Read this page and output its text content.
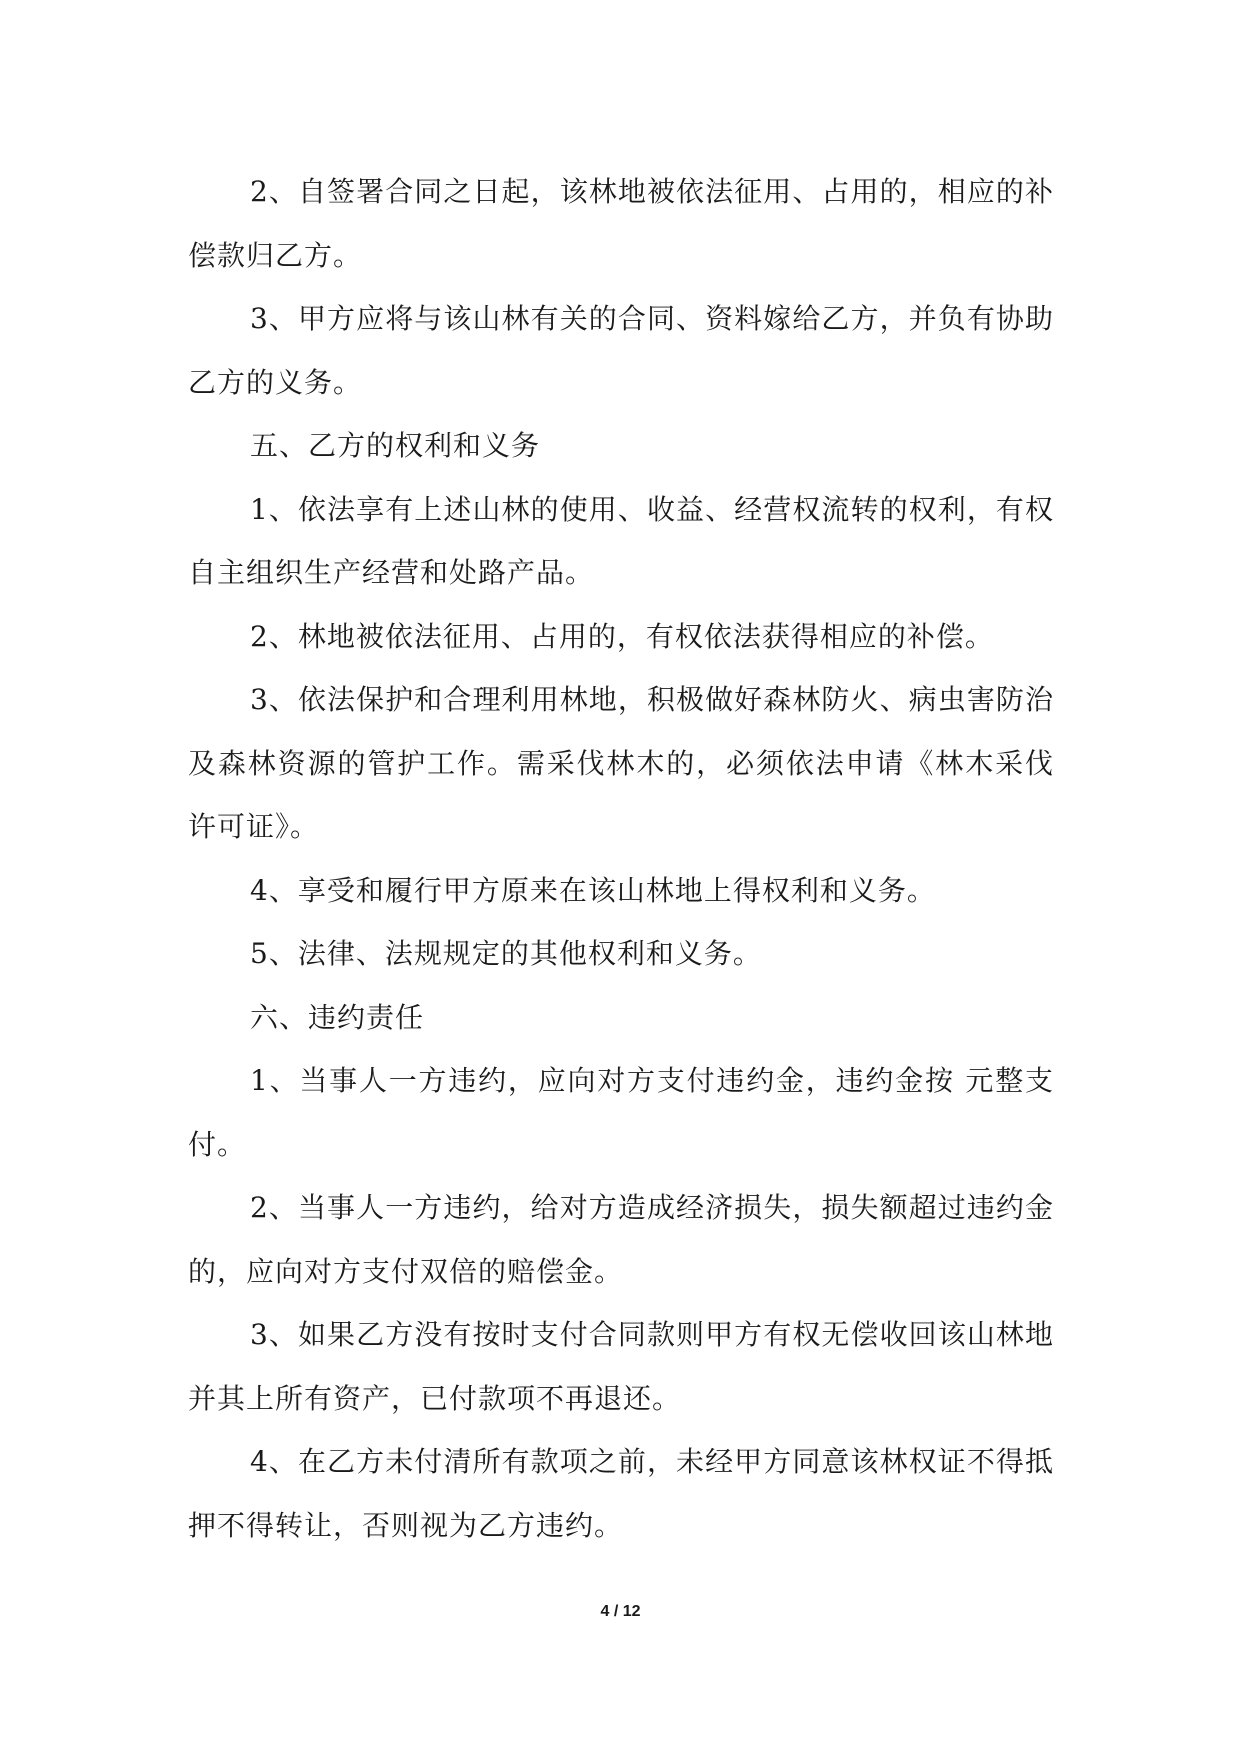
2、自签署合同之日起，该林地被依法征用、占用的，相应的补偿款归乙方。

3、甲方应将与该山林有关的合同、资料嫁给乙方，并负有协助乙方的义务。

五、乙方的权利和义务

1、依法享有上述山林的使用、收益、经营权流转的权利，有权自主组织生产经营和处路产品。

2、林地被依法征用、占用的，有权依法获得相应的补偿。

3、依法保护和合理利用林地，积极做好森林防火、病虫害防治及森林资源的管护工作。需采伐林木的，必须依法申请《林木采伐许可证》。

4、享受和履行甲方原来在该山林地上得权利和义务。

5、法律、法规规定的其他权利和义务。

六、违约责任

1、当事人一方违约，应向对方支付违约金，违约金按 元整支付。

2、当事人一方违约，给对方造成经济损失，损失额超过违约金的，应向对方支付双倍的赔偿金。

3、如果乙方没有按时支付合同款则甲方有权无偿收回该山林地并其上所有资产，已付款项不再退还。

4、在乙方未付清所有款项之前，未经甲方同意该林权证不得抵押不得转让，否则视为乙方违约。

4 / 12
